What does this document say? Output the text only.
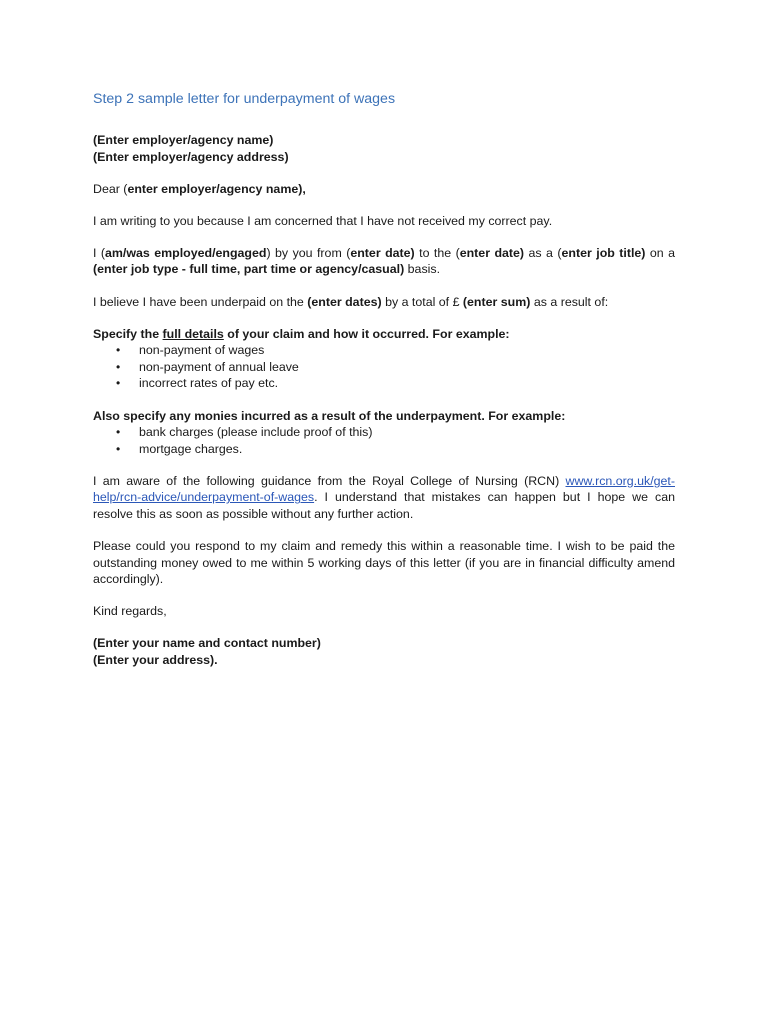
Step 2 sample letter for underpayment of wages

(Enter employer/agency name)
(Enter employer/agency address)

Dear (enter employer/agency name),

I am writing to you because I am concerned that I have not received my correct pay.

I (am/was employed/engaged) by you from (enter date) to the (enter date) as a (enter job title) on a (enter job type - full time, part time or agency/casual) basis.

I believe I have been underpaid on the (enter dates) by a total of £ (enter sum) as a result of:

Specify the full details of your claim and how it occurred. For example:

• non-payment of wages
• non-payment of annual leave
• incorrect rates of pay etc.

Also specify any monies incurred as a result of the underpayment. For example:

• bank charges (please include proof of this)
• mortgage charges.

I am aware of the following guidance from the Royal College of Nursing (RCN) www.rcn.org.uk/get-help/rcn-advice/underpayment-of-wages. I understand that mistakes can happen but I hope we can resolve this as soon as possible without any further action.

Please could you respond to my claim and remedy this within a reasonable time. I wish to be paid the outstanding money owed to me within 5 working days of this letter (if you are in financial difficulty amend accordingly).

Kind regards,

(Enter your name and contact number)
(Enter your address).
